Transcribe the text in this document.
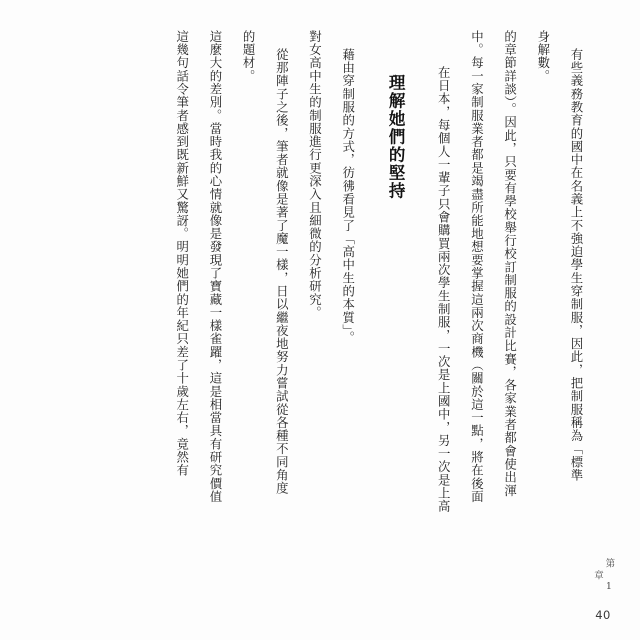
這幾句話令筆者感到既新鮮又驚訝。明明她們的年紀只差了十歲左右，竟然有	這麼大的差別。當時我的心情就像是發現了寶藏一樣雀躍，這是相當具有研究價值	的題材。	從那陣子之後，筆者就像是著了魔一樣，日以繼夜地努力嘗試從各種不同角度	對女高中生的制服進行更深入且細微的分析研究。	藉由穿制服的方式，彷彿看見了「高中生的本質」。 理解她們的堅持	在日本，每個人一輩子只會購買兩次學生制服，一次是上國中，另一次是上高	中。每一家制服業者都是竭盡所能地想要掌握這兩次商機（關於這一點，將在後面	的章節詳談）。因此，只要有學校舉行校訂制服的設計比賽，各家業者都會使出渾	身解數。	有些義務教育的國中在名義上不強迫學生穿制服，因此，把制服稱為「標準
第 1 章
40
